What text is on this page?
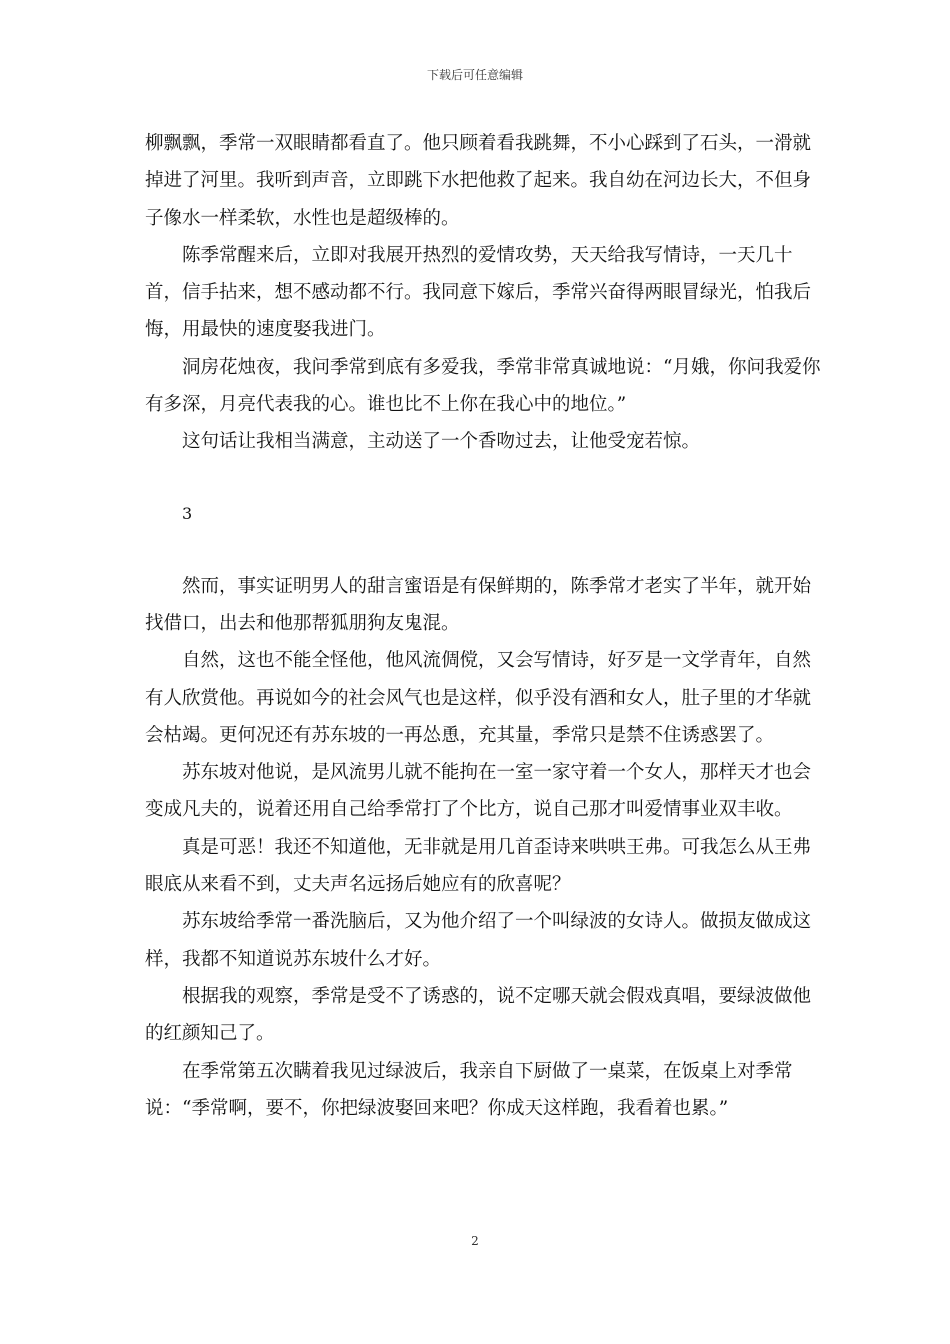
下载后可任意编辑

柳飘飘，季常一双眼睛都看直了。他只顾着看我跳舞，不小心踩到了石头，一滑就掉进了河里。我听到声音，立即跳下水把他救了起来。我自幼在河边长大，不但身子像水一样柔软，水性也是超级棒的。

陈季常醒来后，立即对我展开热烈的爱情攻势，天天给我写情诗，一天几十首，信手拈来，想不感动都不行。我同意下嫁后，季常兴奋得两眼冒绿光，怕我后悔，用最快的速度娶我进门。

洞房花烛夜，我问季常到底有多爱我，季常非常真诚地说：“月娥，你问我爱你有多深，月亮代表我的心。谁也比不上你在我心中的地位。”

这句话让我相当满意，主动送了一个香吻过去，让他受宠若惊。

3

然而，事实证明男人的甜言蜜语是有保鲜期的，陈季常才老实了半年，就开始找借口，出去和他那帮狐朋狗友鬼混。

自然，这也不能全怪他，他风流倜傥，又会写情诗，好歹是一文学青年，自然有人欣赏他。再说如今的社会风气也是这样，似乎没有酒和女人，肚子里的才华就会枯竭。更何况还有苏东坡的一再怂恿，充其量，季常只是禁不住诱惑罢了。

苏东坡对他说，是风流男儿就不能拘在一室一家守着一个女人，那样天才也会变成凡夫的，说着还用自己给季常打了个比方，说自己那才叫爱情事业双丰收。

真是可恶！我还不知道他，无非就是用几首歪诗来哄哄王弗。可我怎么从王弗眼底从来看不到，丈夫声名远扬后她应有的欣喜呢？

苏东坡给季常一番洗脑后，又为他介绍了一个叫绿波的女诗人。做损友做成这样，我都不知道说苏东坡什么才好。

根据我的观察，季常是受不了诱惑的，说不定哪天就会假戏真唱，要绿波做他的红颜知己了。

在季常第五次瞒着我见过绿波后，我亲自下厨做了一桌菜，在饭桌上对季常说：“季常啊，要不，你把绿波娶回来吧？你成天这样跑，我看着也累。”

2
